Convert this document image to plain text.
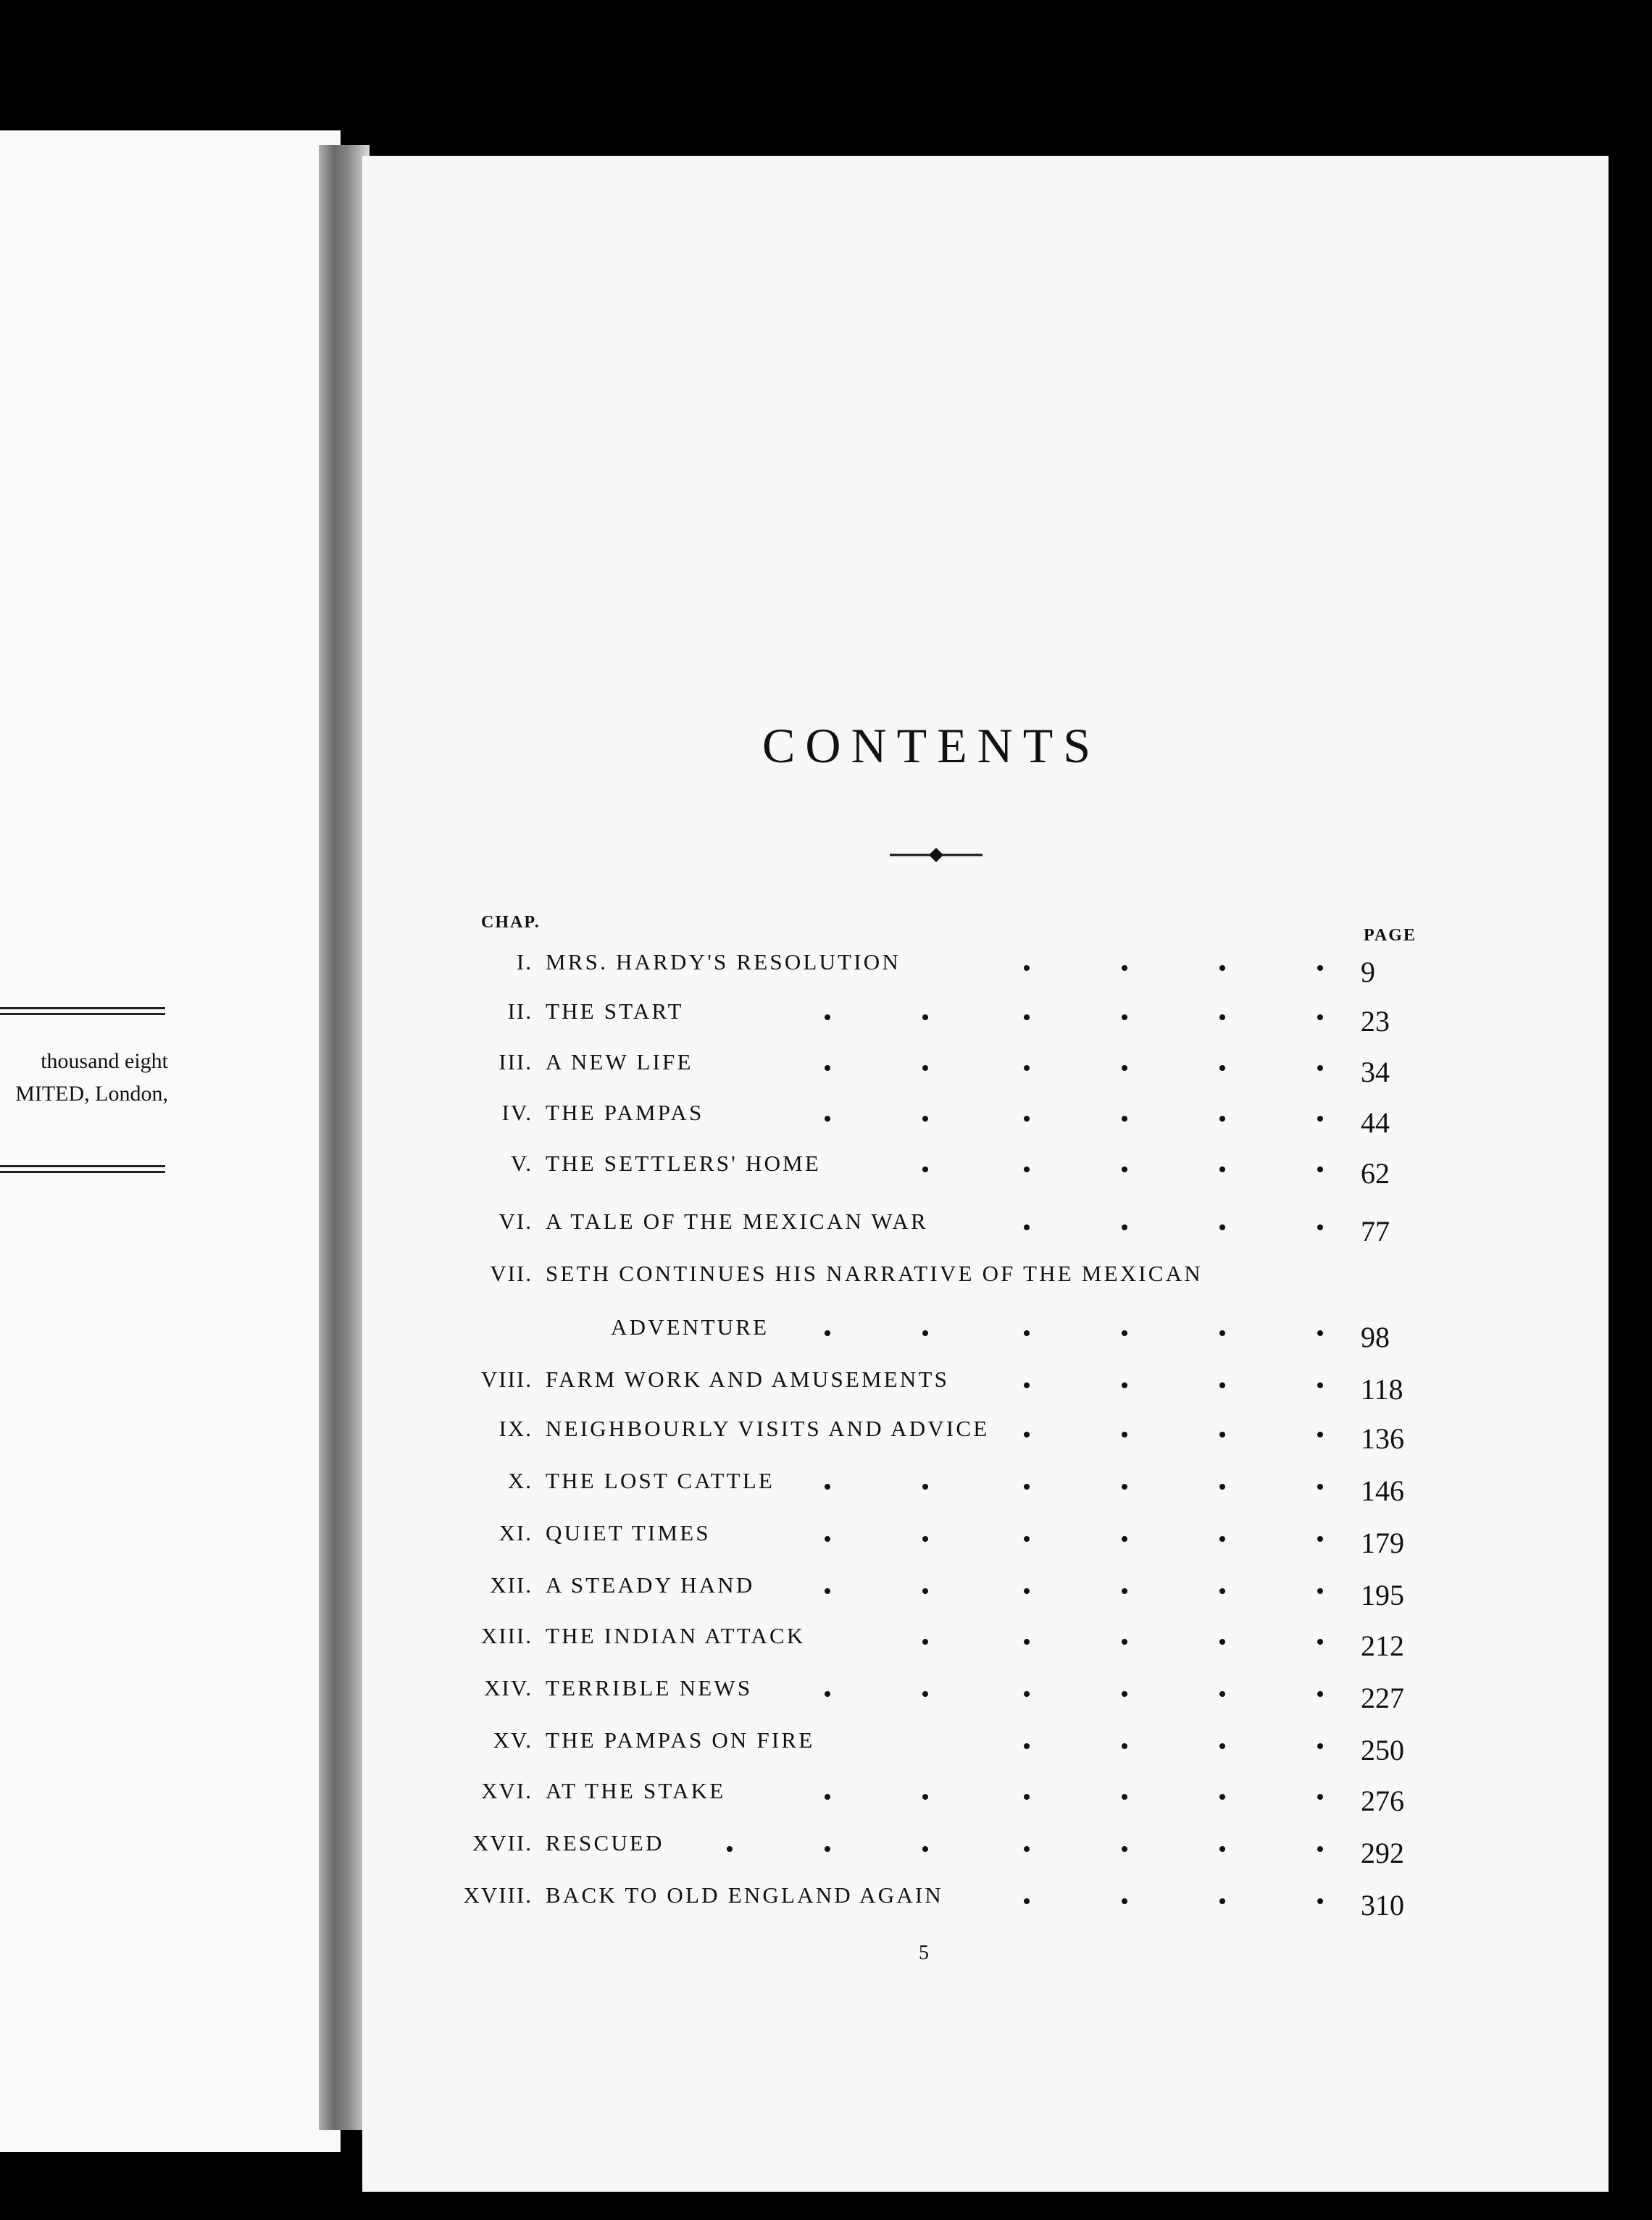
thousand eight
MITED, London,
CONTENTS
CHAP.
PAGE
I. MRS. HARDY'S RESOLUTION	9
II. THE START	23
III. A NEW LIFE	34
IV. THE PAMPAS	44
V. THE SETTLERS' HOME	62
VI. A TALE OF THE MEXICAN WAR	77
VII. SETH CONTINUES HIS NARRATIVE OF THE MEXICAN
ADVENTURE	98
VIII. FARM WORK AND AMUSEMENTS	118
IX. NEIGHBOURLY VISITS AND ADVICE	136
X. THE LOST CATTLE	146
XI. QUIET TIMES	179
XII. A STEADY HAND	195
XIII. THE INDIAN ATTACK	212
XIV. TERRIBLE NEWS	227
XV. THE PAMPAS ON FIRE	250
XVI. AT THE STAKE	276
XVII. RESCUED	292
XVIII. BACK TO OLD ENGLAND AGAIN	310
5
